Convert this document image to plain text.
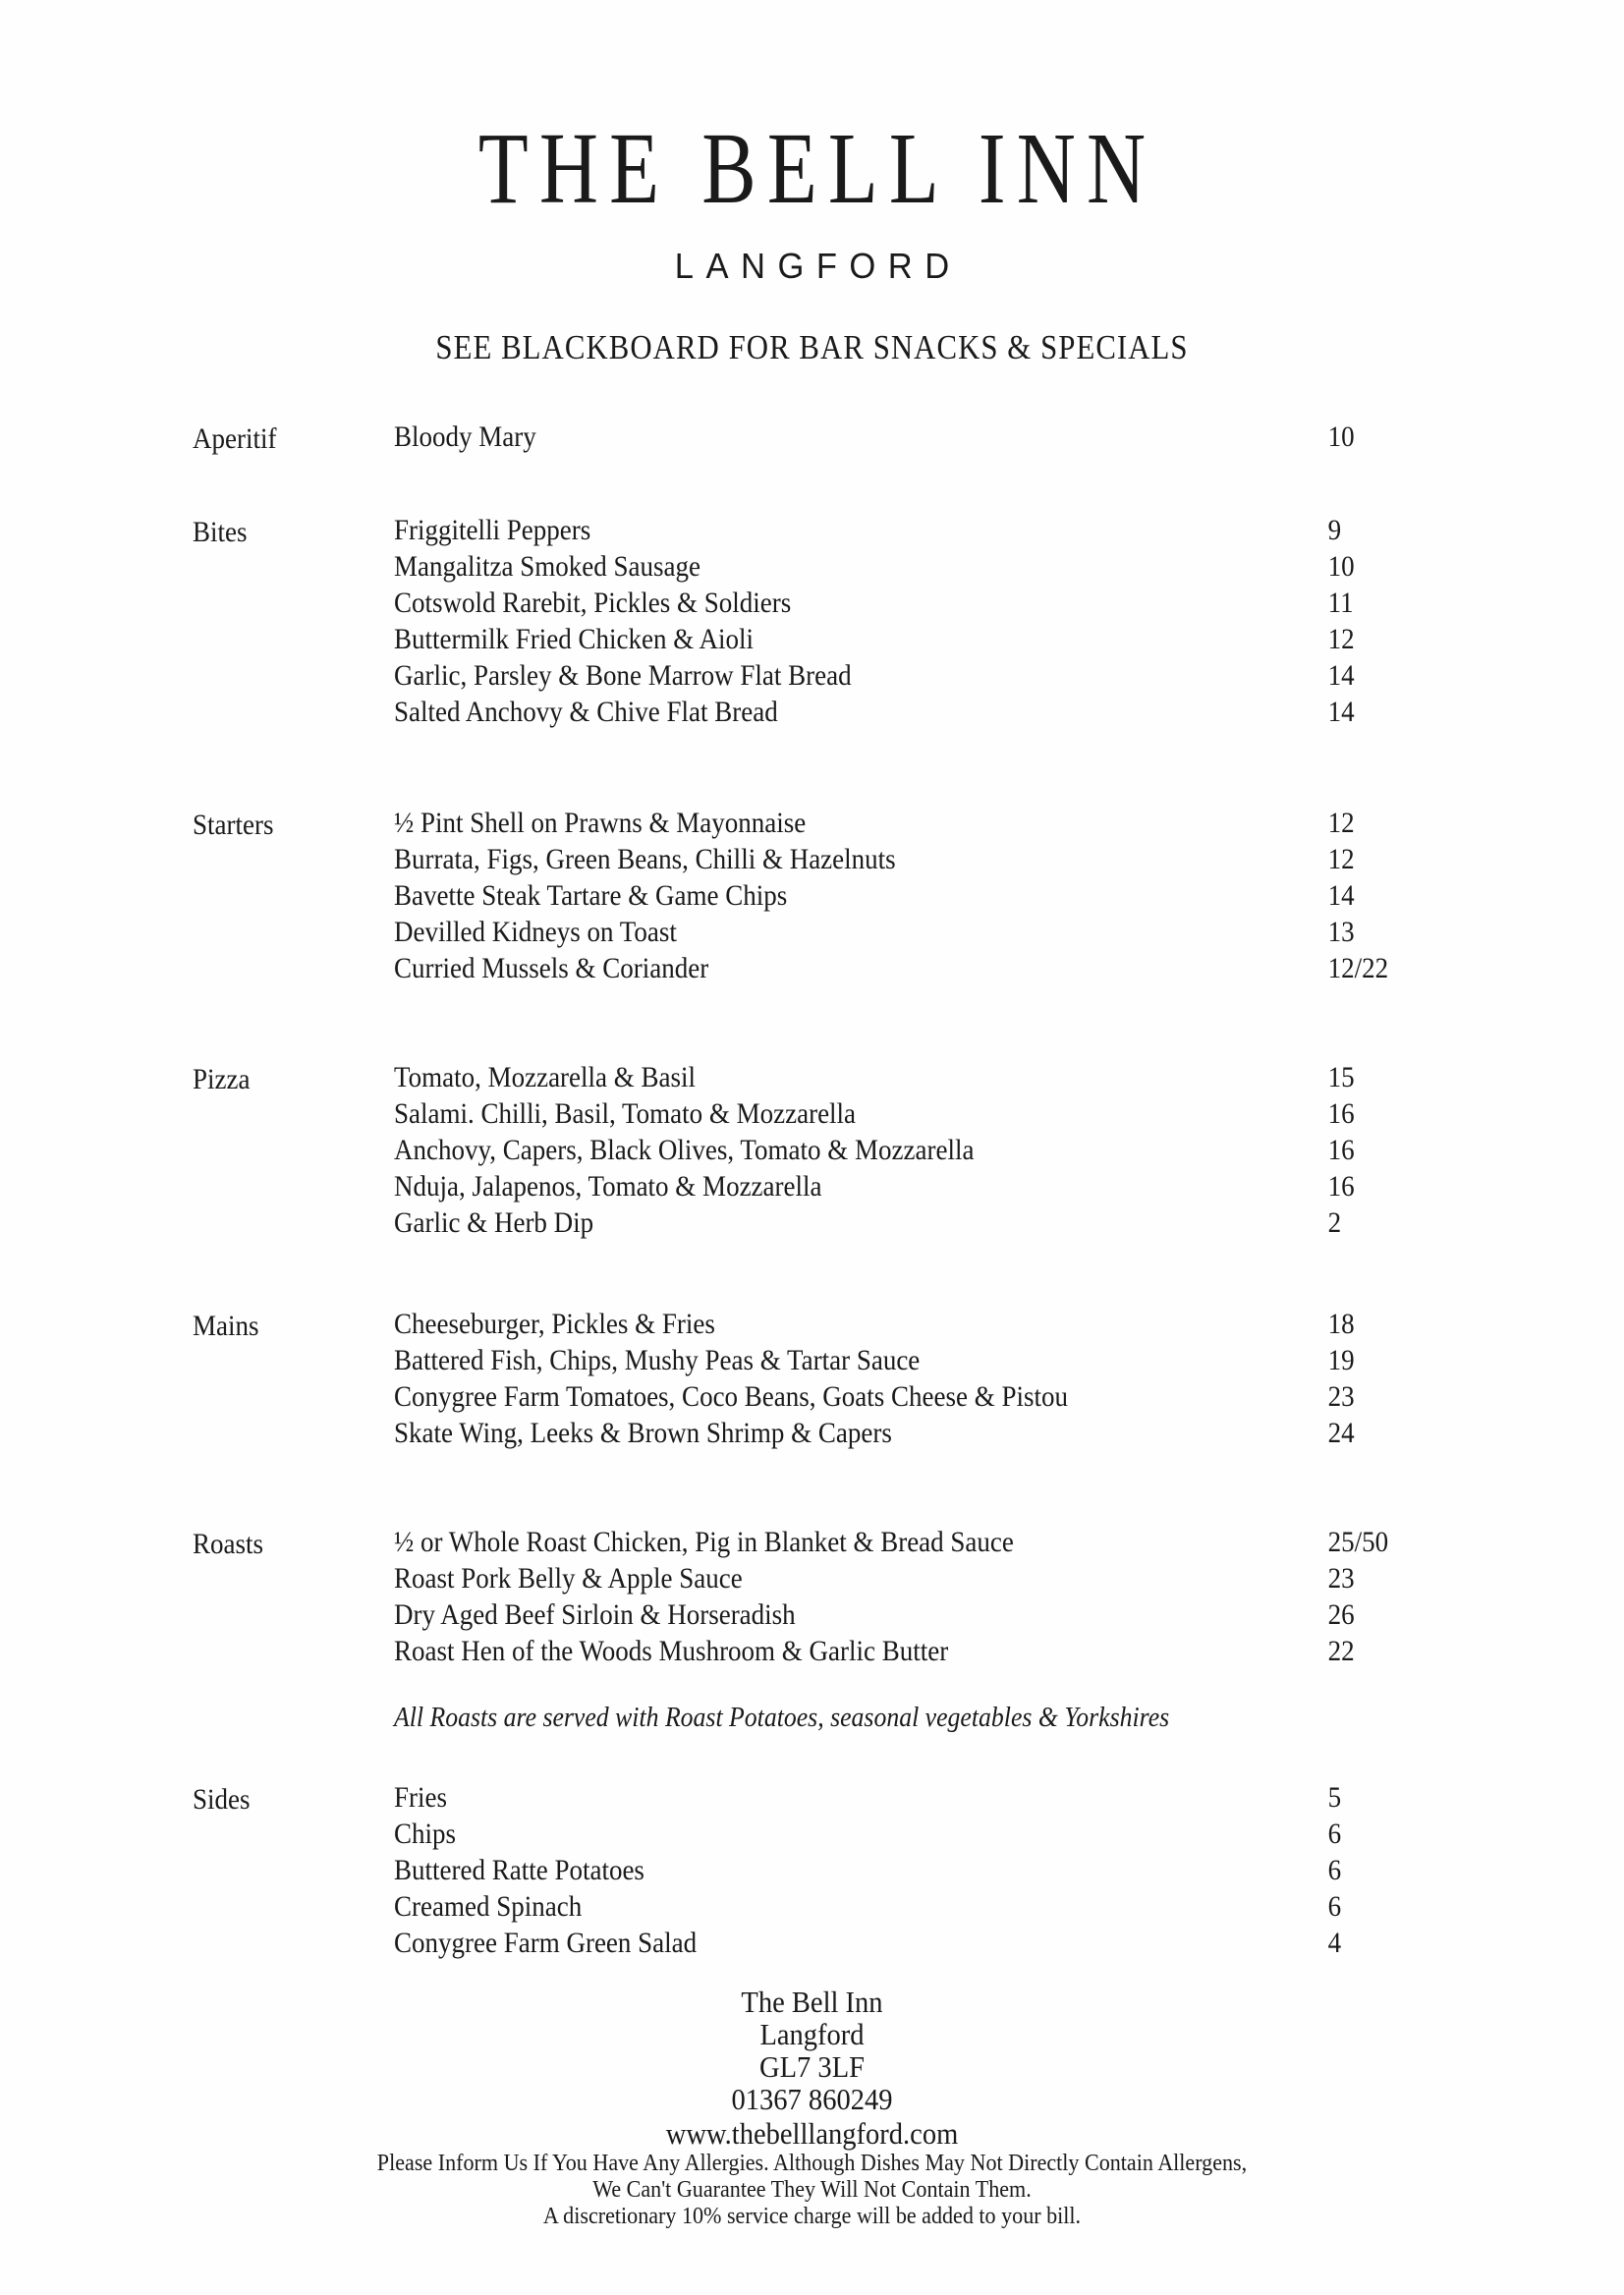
THE BELL INN
LANGFORD
SEE BLACKBOARD FOR BAR SNACKS & SPECIALS
Aperitif	Bloody Mary	10
Bites	Friggitelli Peppers	9
Mangalitza Smoked Sausage	10
Cotswold Rarebit, Pickles & Soldiers	11
Buttermilk Fried Chicken & Aioli	12
Garlic, Parsley & Bone Marrow Flat Bread	14
Salted Anchovy & Chive Flat Bread	14
Starters	½ Pint Shell on Prawns & Mayonnaise	12
Burrata, Figs, Green Beans, Chilli & Hazelnuts	12
Bavette Steak Tartare & Game Chips	14
Devilled Kidneys on Toast	13
Curried Mussels & Coriander	12/22
Pizza	Tomato, Mozzarella & Basil	15
Salami. Chilli, Basil, Tomato & Mozzarella	16
Anchovy, Capers, Black Olives, Tomato & Mozzarella	16
Nduja, Jalapenos, Tomato & Mozzarella	16
Garlic & Herb Dip	2
Mains	Cheeseburger, Pickles & Fries	18
Battered Fish, Chips, Mushy Peas & Tartar Sauce	19
Conygree Farm Tomatoes, Coco Beans, Goats Cheese & Pistou	23
Skate Wing, Leeks & Brown Shrimp & Capers	24
Roasts	½ or Whole Roast Chicken, Pig in Blanket & Bread Sauce	25/50
Roast Pork Belly & Apple Sauce	23
Dry Aged Beef Sirloin & Horseradish	26
Roast Hen of the Woods Mushroom & Garlic Butter	22
All Roasts are served with Roast Potatoes, seasonal vegetables & Yorkshires
Sides	Fries	5
Chips	6
Buttered Ratte Potatoes	6
Creamed Spinach	6
Conygree Farm Green Salad	4
The Bell Inn
Langford
GL7 3LF
01367 860249
www.thebelllangford.com
Please Inform Us If You Have Any Allergies. Although Dishes May Not Directly Contain Allergens,
We Can't Guarantee They Will Not Contain Them.
A discretionary 10% service charge will be added to your bill.
